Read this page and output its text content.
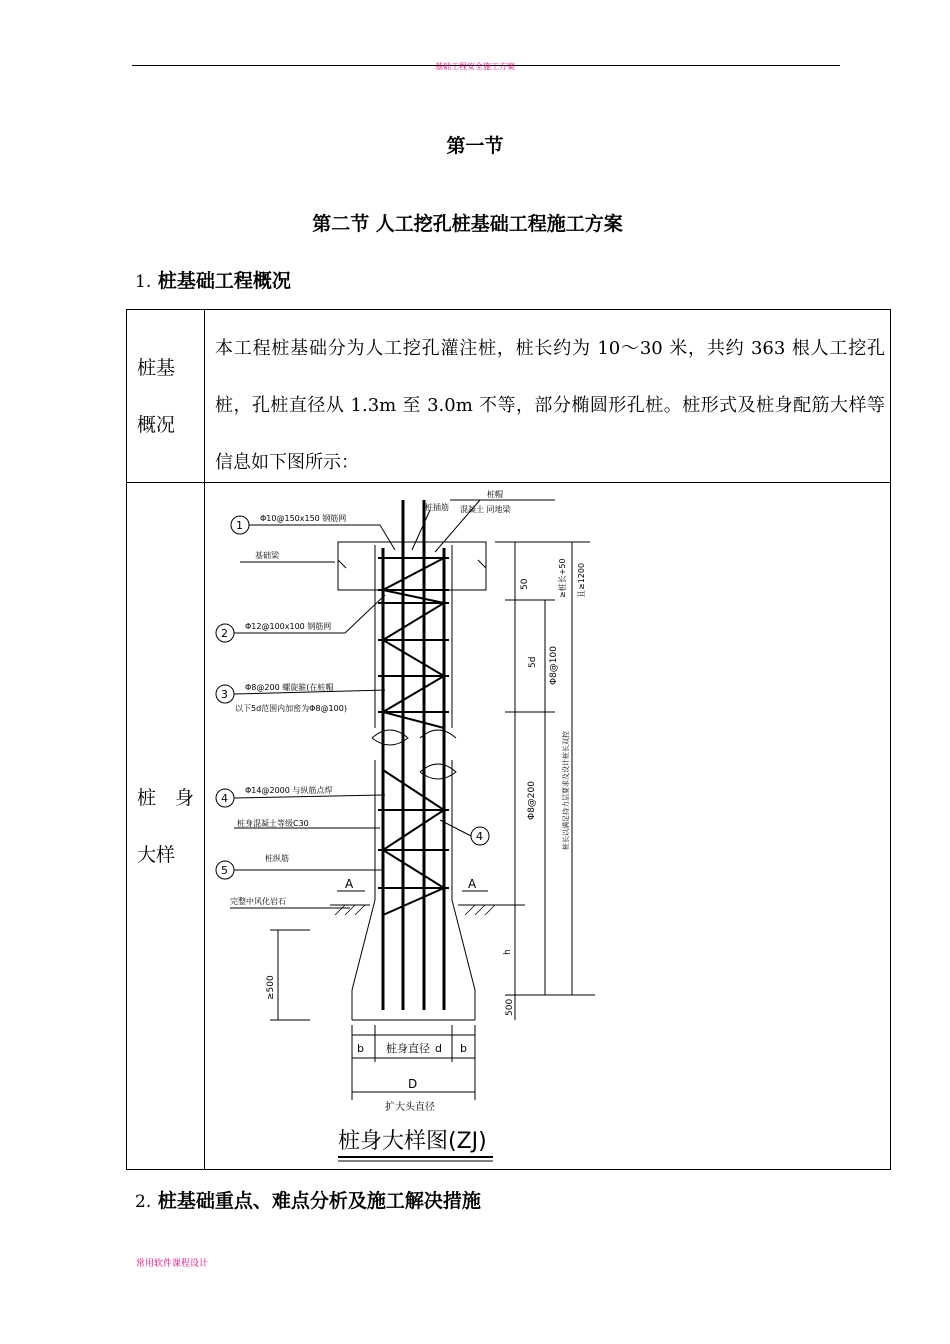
基础工程安全施工方案
第一节
第二节 人工挖孔桩基础工程施工方案
1. 桩基础工程概况
桩基
概况
本工程桩基础分为人工挖孔灌注桩，桩长约为 10～30 米，共约 363 根人工挖孔桩，孔桩直径从 1.3m 至 3.0m 不等，部分椭圆形孔桩。桩形式及桩身配筋大样等信息如下图所示：
桩　身
大样
A	A
50
5d Φ8@100
Φ8@200
h
500
≥桩长+50 且≥1200
桩长以满足持力层要求及设计桩长双控
≥500
b 桩身直径 d b
D
扩大头直径
1
2
3
4
5
4
Φ10@150x150 钢筋网
基础梁
Φ12@100x100 钢筋网
Φ8@200 螺旋箍(在桩帽
以下5d范围内加密为Φ8@100)
Φ14@2000 与纵筋点焊
桩身混凝土等级C30
桩纵筋
完整中风化岩石
桩插筋
桩帽
混凝土 同地梁
桩身大样图(ZJ)
2. 桩基础重点、难点分析及施工解决措施
常用软件课程设计
